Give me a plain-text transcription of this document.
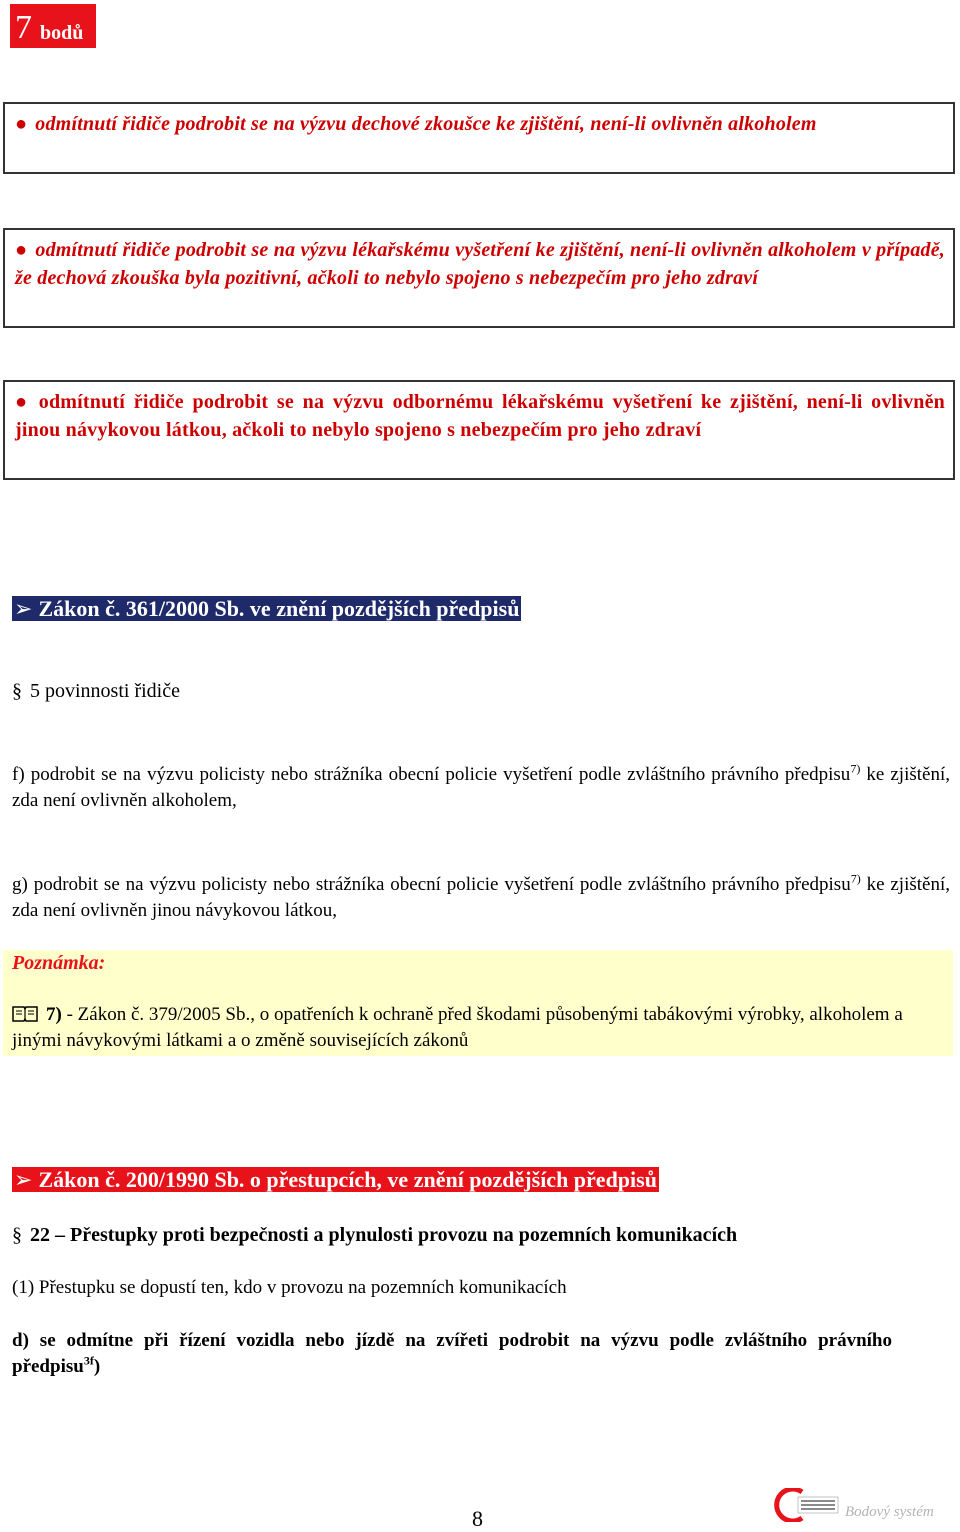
7 bodů
● odmítnutí řidiče podrobit se na výzvu dechové zkoušce ke zjištění, není-li ovlivněn alkoholem
● odmítnutí řidiče podrobit se na výzvu lékařskému vyšetření ke zjištění, není-li ovlivněn alkoholem v případě, že dechová zkouška byla pozitivní, ačkoli to nebylo spojeno s nebezpečím pro jeho zdraví
● odmítnutí řidiče podrobit se na výzvu odbornému lékařskému vyšetření ke zjištění, není-li ovlivněn jinou návykovou látkou, ačkoli to nebylo spojeno s nebezpečím pro jeho zdraví
➢ Zákon č. 361/2000 Sb. ve znění pozdějších předpisů
§ 5 povinnosti řidiče
f) podrobit se na výzvu policisty nebo strážníka obecní policie vyšetření podle zvláštního právního předpisu$^{7)}$ ke zjištění, zda není ovlivněn alkoholem,
g) podrobit se na výzvu policisty nebo strážníka obecní policie vyšetření podle zvláštního právního předpisu$^{7)}$ ke zjištění, zda není ovlivněn jinou návykovou látkou,
Poznámka:
7) - Zákon č. 379/2005 Sb., o opatřeních k ochraně před škodami působenými tabákovými výrobky, alkoholem a jinými návykovými látkami a o změně souvisejících zákonů
➢ Zákon č. 200/1990 Sb. o přestupcích, ve znění pozdějších předpisů
§ 22 – Přestupky proti bezpečnosti a plynulosti provozu na pozemních komunikacích
(1) Přestupku se dopustí ten, kdo v provozu na pozemních komunikacích
d) se odmítne při řízení vozidla nebo jízdě na zvířeti podrobit na výzvu podle zvláštního právního předpisu$^{3f}$)
8	Bodový systém
